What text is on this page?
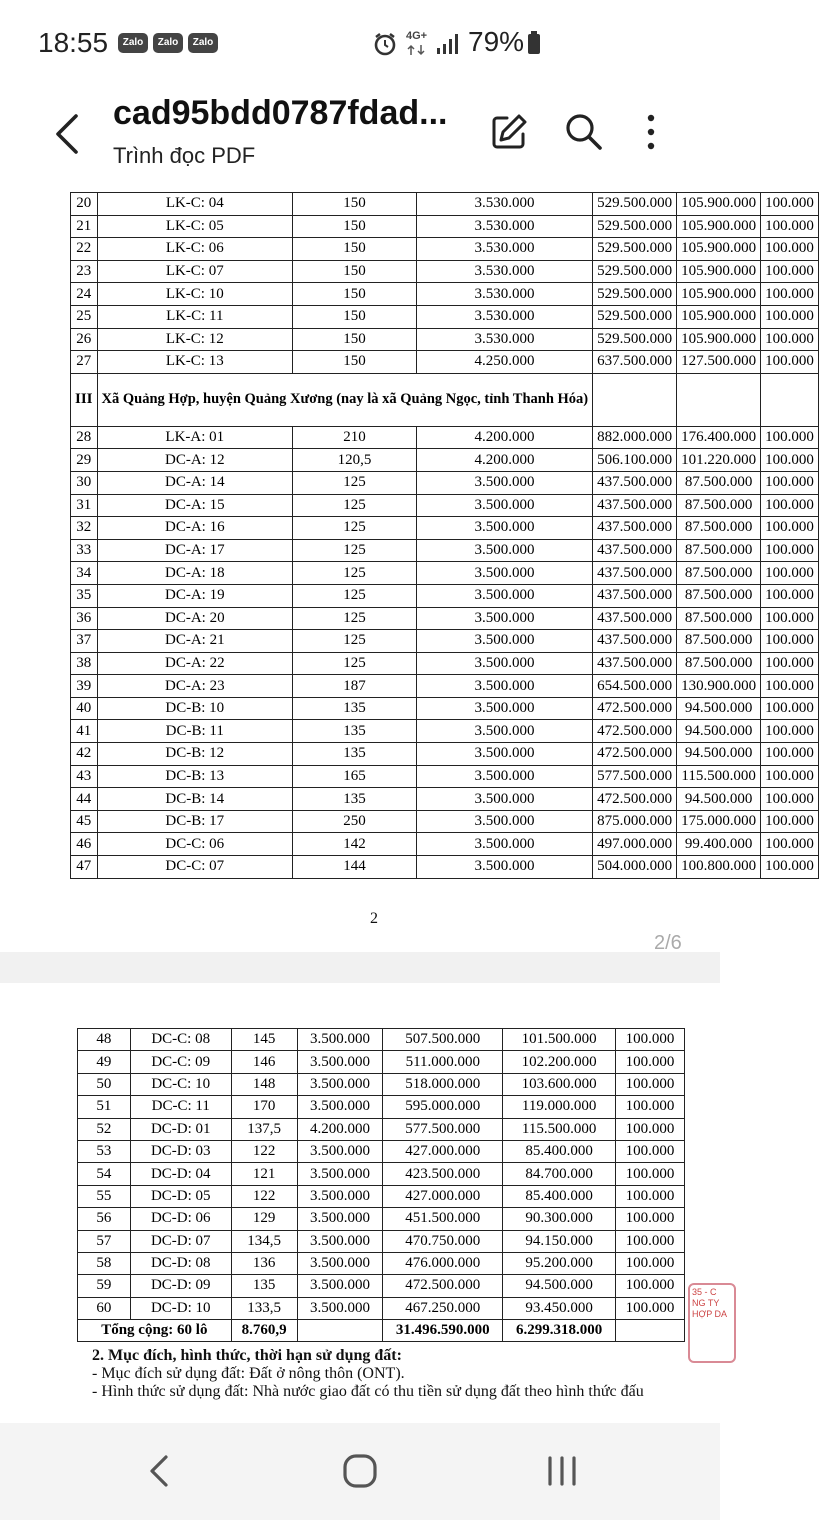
18:55	Zalo	Zalo	Zalo
4G+ 79%
cad95bdd0787fdad...
Trình đọc PDF
20	LK-C: 04	150	3.530.000	529.500.000	105.900.000	100.000
21	LK-C: 05	150	3.530.000	529.500.000	105.900.000	100.000
22	LK-C: 06	150	3.530.000	529.500.000	105.900.000	100.000
23	LK-C: 07	150	3.530.000	529.500.000	105.900.000	100.000
24	LK-C: 10	150	3.530.000	529.500.000	105.900.000	100.000
25	LK-C: 11	150	3.530.000	529.500.000	105.900.000	100.000
26	LK-C: 12	150	3.530.000	529.500.000	105.900.000	100.000
27	LK-C: 13	150	4.250.000	637.500.000	127.500.000	100.000
III	Xã Quảng Hợp, huyện Quảng Xương (nay là xã Quảng Ngọc, tỉnh Thanh Hóa)					
28	LK-A: 01	210	4.200.000	882.000.000	176.400.000	100.000
29	DC-A: 12	120,5	4.200.000	506.100.000	101.220.000	100.000
30	DC-A: 14	125	3.500.000	437.500.000	87.500.000	100.000
31	DC-A: 15	125	3.500.000	437.500.000	87.500.000	100.000
32	DC-A: 16	125	3.500.000	437.500.000	87.500.000	100.000
33	DC-A: 17	125	3.500.000	437.500.000	87.500.000	100.000
34	DC-A: 18	125	3.500.000	437.500.000	87.500.000	100.000
35	DC-A: 19	125	3.500.000	437.500.000	87.500.000	100.000
36	DC-A: 20	125	3.500.000	437.500.000	87.500.000	100.000
37	DC-A: 21	125	3.500.000	437.500.000	87.500.000	100.000
38	DC-A: 22	125	3.500.000	437.500.000	87.500.000	100.000
39	DC-A: 23	187	3.500.000	654.500.000	130.900.000	100.000
40	DC-B: 10	135	3.500.000	472.500.000	94.500.000	100.000
41	DC-B: 11	135	3.500.000	472.500.000	94.500.000	100.000
42	DC-B: 12	135	3.500.000	472.500.000	94.500.000	100.000
43	DC-B: 13	165	3.500.000	577.500.000	115.500.000	100.000
44	DC-B: 14	135	3.500.000	472.500.000	94.500.000	100.000
45	DC-B: 17	250	3.500.000	875.000.000	175.000.000	100.000
46	DC-C: 06	142	3.500.000	497.000.000	99.400.000	100.000
47	DC-C: 07	144	3.500.000	504.000.000	100.800.000	100.000
2
2/6
48	DC-C: 08	145	3.500.000	507.500.000	101.500.000	100.000
49	DC-C: 09	146	3.500.000	511.000.000	102.200.000	100.000
50	DC-C: 10	148	3.500.000	518.000.000	103.600.000	100.000
51	DC-C: 11	170	3.500.000	595.000.000	119.000.000	100.000
52	DC-D: 01	137,5	4.200.000	577.500.000	115.500.000	100.000
53	DC-D: 03	122	3.500.000	427.000.000	85.400.000	100.000
54	DC-D: 04	121	3.500.000	423.500.000	84.700.000	100.000
55	DC-D: 05	122	3.500.000	427.000.000	85.400.000	100.000
56	DC-D: 06	129	3.500.000	451.500.000	90.300.000	100.000
57	DC-D: 07	134,5	3.500.000	470.750.000	94.150.000	100.000
58	DC-D: 08	136	3.500.000	476.000.000	95.200.000	100.000
59	DC-D: 09	135	3.500.000	472.500.000	94.500.000	100.000
60	DC-D: 10	133,5	3.500.000	467.250.000	93.450.000	100.000
Tổng cộng: 60 lô		8.760,9		31.496.590.000	6.299.318.000	
2. Mục đích, hình thức, thời hạn sử dụng đất:
- Mục đích sử dụng đất: Đất ở nông thôn (ONT).
- Hình thức sử dụng đất: Nhà nước giao đất có thu tiền sử dụng đất theo hình thức đấu
35 - C NG TY HỢP DA
